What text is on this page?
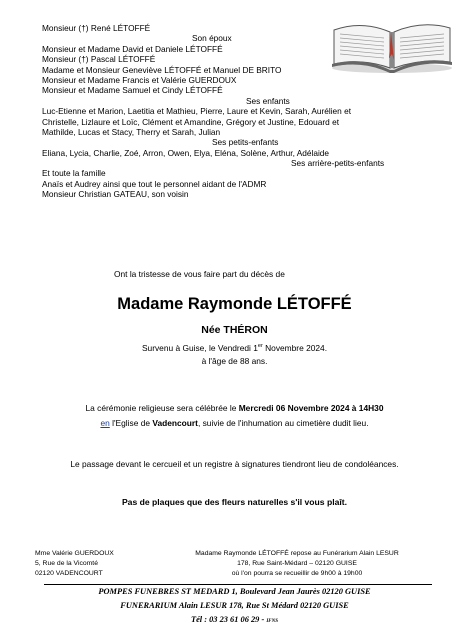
Monsieur (†) René LÉTOFFÉ
Son époux
Monsieur et Madame David et Daniele LÉTOFFÉ
Monsieur (†) Pascal LÉTOFFÉ
Madame et Monsieur Geneviève LÉTOFFÉ et Manuel DE BRITO
Monsieur et Madame Francis et Valérie GUERDOUX
Monsieur et Madame Samuel et Cindy LÉTOFFÉ
Ses enfants
Luc-Etienne et Marion, Laetitia et Mathieu, Pierre, Laure et Kevin, Sarah, Aurélien et
Christelle, Lizlaure et Loïc, Clément et Amandine, Grégory et Justine, Edouard et
Mathilde, Lucas et Stacy, Therry et Sarah, Julian
Ses petits-enfants
Eliana, Lycia, Charlie, Zoé, Arron, Owen, Elya, Eléna, Solène, Arthur, Adélaide
Ses arrière-petits-enfants
Et toute la famille
Anaïs et Audrey ainsi que tout le personnel aidant de l'ADMR
Monsieur Christian GATEAU, son voisin
Ont la tristesse de vous faire part du décès de
Madame Raymonde LÉTOFFÉ
Née THÉRON
Survenu à Guise, le Vendredi 1er Novembre 2024.
à l'âge de 88 ans.
La cérémonie religieuse sera célébrée le Mercredi 06 Novembre 2024 à 14H30
en l'Eglise de Vadencourt, suivie de l'inhumation au cimetière dudit lieu.
Le passage devant le cercueil et un registre à signatures tiendront lieu de condoléances.
Pas de plaques que des fleurs naturelles s'il vous plaît.
Mme Valérie GUERDOUX
5, Rue de la Vicomté
02120 VADENCOURT
Madame Raymonde LÉTOFFÉ repose au Funérarium Alain LESUR
178, Rue Saint-Médard – 02120 GUISE
où l'on pourra se recueillir de 9h00 à 19h00
POMPES FUNEBRES ST MEDARD 1, Boulevard Jean Jaurès 02120 GUISE
FUNERARIUM Alain LESUR 178, Rue St Médard 02120 GUISE
Tél : 03 23 61 06 29 - IFNS
